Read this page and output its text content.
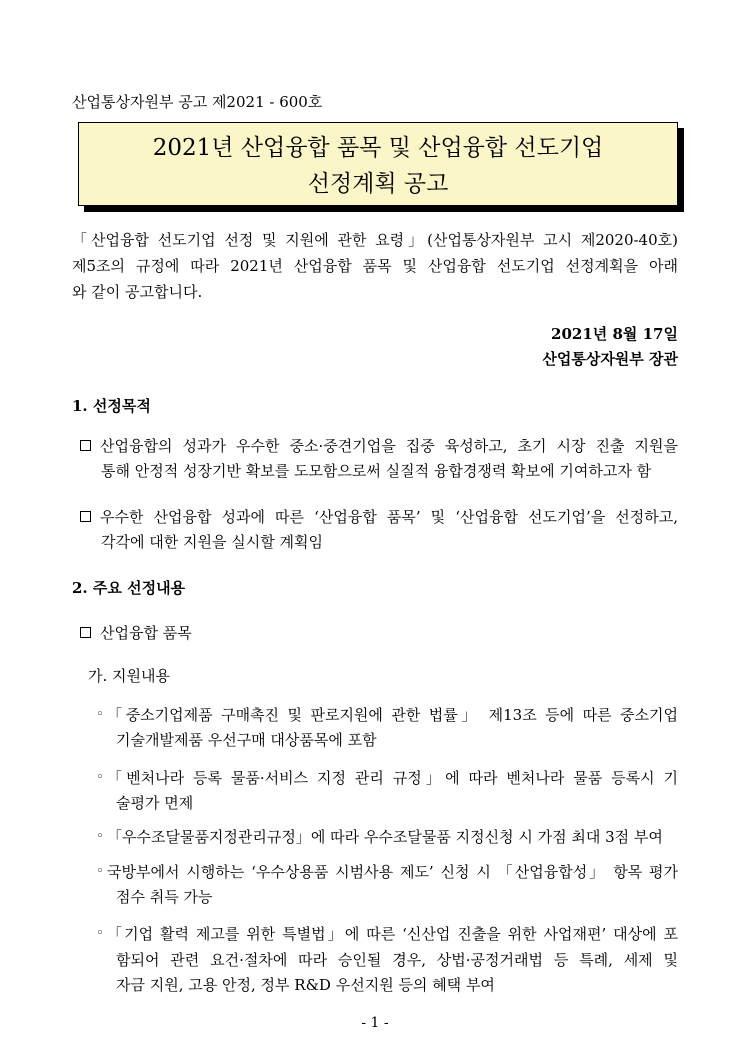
산업통상자원부 공고 제2021 - 600호
2021년 산업융합 품목 및 산업융합 선도기업
선정계획 공고
「산업융합 선도기업 선정 및 지원에 관한 요령」(산업통상자원부 고시 제2020-40호)
제5조의 규정에 따라 2021년 산업융합 품목 및 산업융합 선도기업 선정계획을 아래
와 같이 공고합니다.
2021년 8월 17일
산업통상자원부 장관
1. 선정목적
산업융합의 성과가 우수한 중소·중견기업을 집중 육성하고, 초기 시장 진출 지원을
통해 안정적 성장기반 확보를 도모함으로써 실질적 융합경쟁력 확보에 기여하고자 함
우수한 산업융합 성과에 따른 ‘산업융합 품목’ 및 ‘산업융합 선도기업’을 선정하고,
각각에 대한 지원을 실시할 계획임
2. 주요 선정내용
산업융합 품목
가. 지원내용
◦ 「중소기업제품 구매촉진 및 판로지원에 관한 법률」 제13조 등에 따른 중소기업
기술개발제품 우선구매 대상품목에 포함
◦ 「벤처나라 등록 물품·서비스 지정 관리 규정」에 따라 벤처나라 물품 등록시 기
술평가 면제
◦ 「우수조달물품지정관리규정」에 따라 우수조달물품 지정신청 시 가점 최대 3점 부여
◦ 국방부에서 시행하는 ‘우수상용품 시범사용 제도’ 신청 시 「산업융합성」 항목 평가
점수 취득 가능
◦ 「기업 활력 제고를 위한 특별법」에 따른 ‘신산업 진출을 위한 사업재편’ 대상에 포
함되어 관련 요건·절차에 따라 승인될 경우, 상법·공정거래법 등 특례, 세제 및
자금 지원, 고용 안정, 정부 R&D 우선지원 등의 혜택 부여
- 1 -
